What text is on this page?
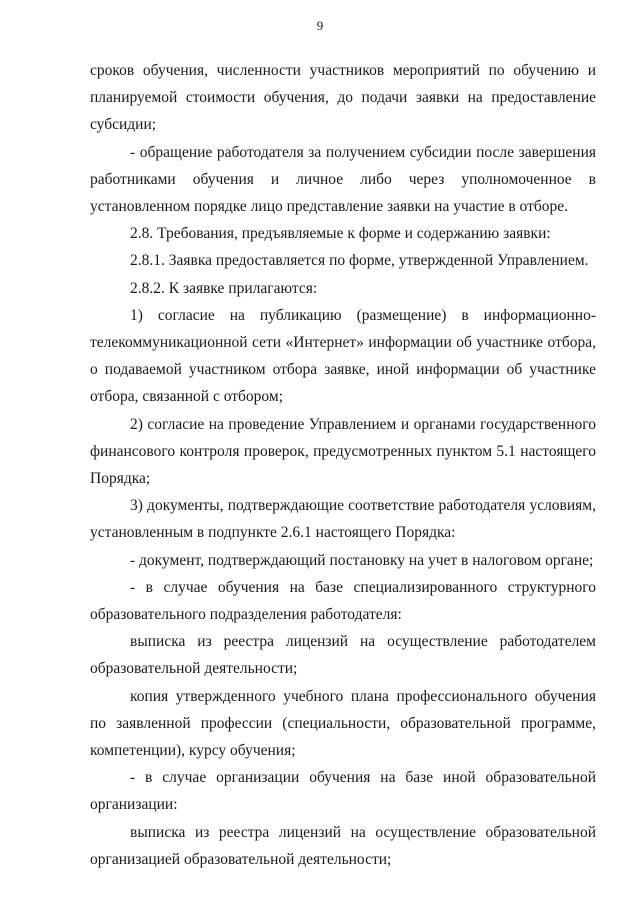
9

сроков обучения, численности участников мероприятий по обучению и планируемой стоимости обучения, до подачи заявки на предоставление субсидии;

- обращение работодателя за получением субсидии после завершения работниками обучения и личное либо через уполномоченное в установленном порядке лицо представление заявки на участие в отборе.

2.8. Требования, предъявляемые к форме и содержанию заявки:

2.8.1. Заявка предоставляется по форме, утвержденной Управлением.

2.8.2. К заявке прилагаются:

1) согласие на публикацию (размещение) в информационно-телекоммуникационной сети «Интернет» информации об участнике отбора, о подаваемой участником отбора заявке, иной информации об участнике отбора, связанной с отбором;

2) согласие на проведение Управлением и органами государственного финансового контроля проверок, предусмотренных пунктом 5.1 настоящего Порядка;

3) документы, подтверждающие соответствие работодателя условиям, установленным в подпункте 2.6.1 настоящего Порядка:

- документ, подтверждающий постановку на учет в налоговом органе;

- в случае обучения на базе специализированного структурного образовательного подразделения работодателя:

выписка из реестра лицензий на осуществление работодателем образовательной деятельности;

копия утвержденного учебного плана профессионального обучения по заявленной профессии (специальности, образовательной программе, компетенции), курсу обучения;

- в случае организации обучения на базе иной образовательной организации:

выписка из реестра лицензий на осуществление образовательной организацией образовательной деятельности;
